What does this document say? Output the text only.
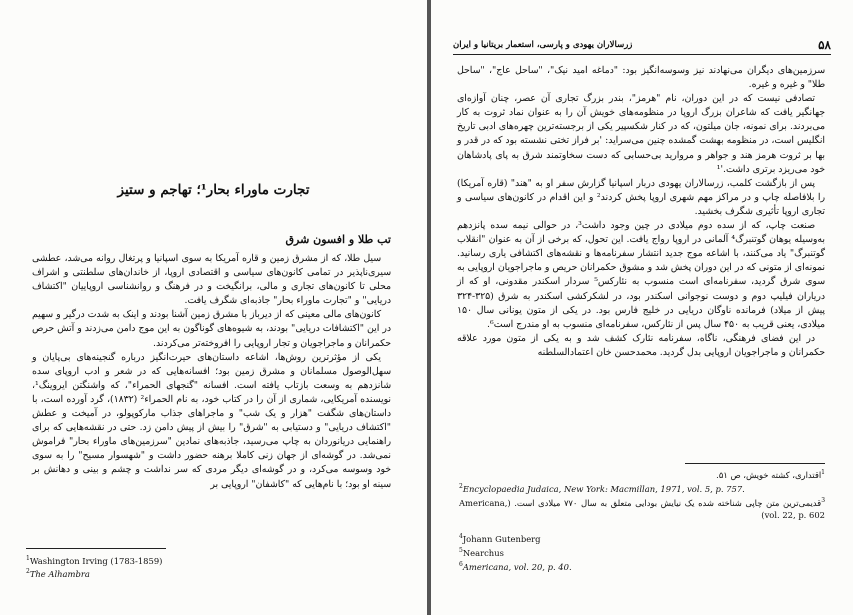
تجارت ماوراء بحار¹؛ تهاجم و ستیز
تب طلا و افسون شرق

سیل طلا، که از مشرق زمین و قاره آمریکا به سوی اسپانیا و پرتغال روانه می‌شد، عطشی سیری‌ناپذیر در تمامی کانون‌های سیاسی و اقتصادی اروپا، از خاندان‌های سلطنتی و اشراف محلی تا کانون‌های تجاری و مالی، برانگیخت و در فرهنگ و روانشناسی اروپاییان "اکتشاف دریایی" و "تجارت ماوراء بحار" جاذبه‌ای شگرف یافت.

کانون‌های مالی معینی که از دیرباز با مشرق زمین آشنا بودند و اینک به شدت درگیر و سهیم در این "اکتشافات دریایی" بودند، به شیوه‌های گوناگون به این موج دامن می‌زدند و آتش حرص حکمرانان و ماجراجویان و تجار اروپایی را افروخته‌تر می‌کردند.

یکی از مؤثرترین روش‌ها، اشاعه داستان‌های حیرت‌انگیز درباره گنجینه‌های بی‌پایان و سهل‌الوصول مسلمانان و مشرق زمین بود؛ افسانه‌هایی که در شعر و ادب اروپای سده شانزدهم به وسعت بازتاب یافته است. افسانه "گنجهای الحمراء"، که واشنگتن ایروینگ¹، نویسنده آمریکایی، شماری از آن را در کتاب خود، به نام الحمراء² (۱۸۳۲)، گرد آورده است، با داستان‌های شگفت "هزار و یک شب" و ماجراهای جذاب مارکوپولو، در آمیخت و عطش "اکتشاف دریایی" و دستیابی به "شرق" را بیش از پیش دامن زد. حتی در نقشه‌هایی که برای راهنمایی دریانوردان به چاپ می‌رسید، جاذبه‌های نمادین "سرزمین‌های ماوراء بحار" فراموش نمی‌شد. در گوشه‌ای از جهان زنی کاملا برهنه حضور داشت و "شهسوار مسیح" را به سوی خود وسوسه می‌کرد، و در گوشه‌ای دیگر مردی که سر نداشت و چشم و بینی و دهانش بر سینه او بود؛ با نام‌هایی که "کاشفان" اروپایی بر

$^1$Washington Irving (1783-1859)
$^2$The Alhambra
۵۸
زرسالاران یهودی و پارسی، استعمار بریتانیا و ایران

سرزمین‌های دیگران می‌نهادند نیز وسوسه‌انگیز بود: "دماغه امید نیک"، "ساحل عاج"، "ساحل طلا" و غیره و غیره.

تصادفی نیست که در این دوران، نام "هرمز"، بندر بزرگ تجاری آن عصر، چنان آوازه‌ای جهانگیر یافت که شاعران بزرگ اروپا در منظومه‌های خویش آن را به عنوان نماد ثروت به کار می‌بردند. برای نمونه، جان میلتون، که در کنار شکسپیر یکی از برجسته‌ترین چهره‌های ادبی تاریخ انگلیس است، در منظومه بهشت گمشده چنین می‌سراید: 'بر فراز تختی نشسته بود که در قدر و بها بر ثروت هرمز هند و جواهر و مروارید بی‌حسابی که دست سخاوتمند شرق به پای پادشاهان خود می‌ریزد برتری داشت.'¹

پس از بازگشت کلمب، زرسالاران یهودی دربار اسپانیا گزارش سفر او به "هند" (قاره آمریکا) را بلافاصله چاپ و در مراکز مهم شهری اروپا پخش کردند² و این اقدام در کانون‌های سیاسی و تجاری اروپا تأثیری شگرف بخشید.

صنعت چاپ، که از سده دوم میلادی در چین وجود داشت³، در حوالی نیمه سده پانزدهم به‌وسیله یوهان گوتنبرگ⁴ آلمانی در اروپا رواج یافت. این تحول، که برخی از آن به عنوان "انقلاب گوتنبرگ" یاد می‌کنند، با اشاعه موج جدید انتشار سفرنامه‌ها و نقشه‌های اکتشافی یاری رسانید. نمونه‌ای از متونی که در این دوران پخش شد و مشوق حکمرانان حریص و ماجراجویان اروپایی به سوی شرق گردید، سفرنامه‌ای است منسوب به نئارکس⁵ سردار اسکندر مقدونی، او که از دریاران فیلیپ دوم و دوست نوجوانی اسکندر بود، در لشکرکشی اسکندر به شرق (۳۲۵-۳۲۴ پیش از میلاد) فرمانده ناوگان دریایی در خلیج فارس بود. در یکی از متون یونانی سال ۱۵۰ میلادی، یعنی قریب به ۴۵۰ سال پس از نئارکس، سفرنامه‌ای منسوب به او مندرج است⁶.

در این فضای فرهنگی، ناگاه، سفرنامه نئارک کشف شد و به یکی از متون مورد علاقه حکمرانان و ماجراجویان اروپایی بدل گردید. محمدحسن خان اعتمادالسلطنه

$^1$اقتداری، کشته خویش، ص ۵۱.
$^2$Encyclopaedia Judaica, New York: Macmillan, 1971, vol. 5, p. 757.
$^3$قدیمی‌ترین متن چاپی شناخته شده یک نیایش بودایی متعلق به سال ۷۷۰ میلادی است. (Americana, vol. 22, p. 602)
$^4$Johann Gutenberg
$^5$Nearchus
$^6$Americana, vol. 20, p. 40.
